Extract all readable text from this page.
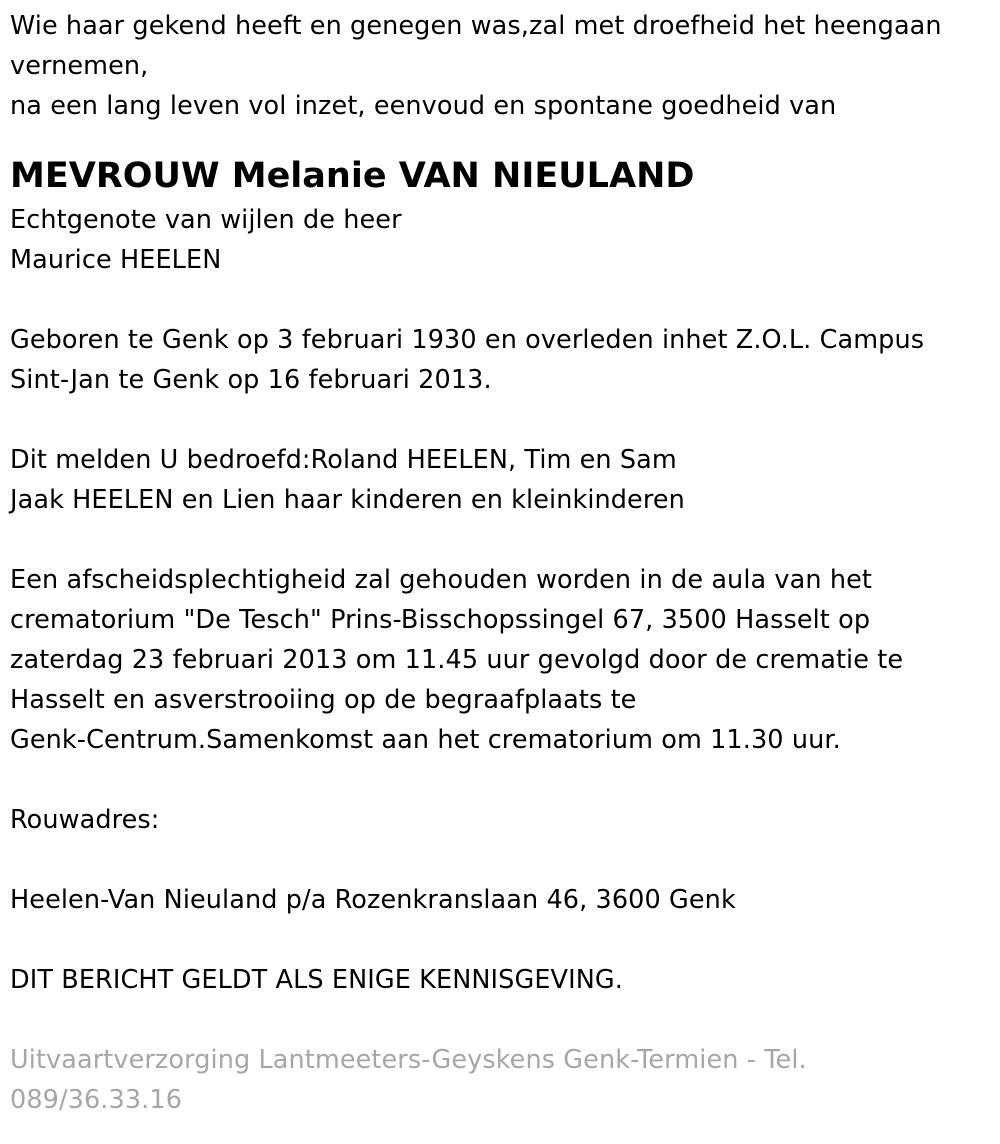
Wie haar gekend heeft en genegen was,zal met droefheid het heengaan
vernemen,
na een lang leven vol inzet, eenvoud en spontane goedheid van
MEVROUW Melanie VAN NIEULAND
Echtgenote van wijlen de heer
Maurice HEELEN
Geboren te Genk op 3 februari 1930 en overleden inhet Z.O.L. Campus
Sint-Jan te Genk op 16 februari 2013.
Dit melden U bedroefd:Roland HEELEN, Tim en Sam
Jaak HEELEN en Lien haar kinderen en kleinkinderen
Een afscheidsplechtigheid zal gehouden worden in de aula van het
crematorium "De Tesch" Prins-Bisschopssingel 67, 3500 Hasselt op
zaterdag 23 februari 2013 om 11.45 uur gevolgd door de crematie te
Hasselt en asverstrooiing op de begraafplaats te
Genk-Centrum.Samenkomst aan het crematorium om 11.30 uur.
Rouwadres:
Heelen-Van Nieuland p/a Rozenkranslaan 46, 3600 Genk
DIT BERICHT GELDT ALS ENIGE KENNISGEVING.
Uitvaartverzorging Lantmeeters-Geyskens Genk-Termien - Tel.
089/36.33.16
